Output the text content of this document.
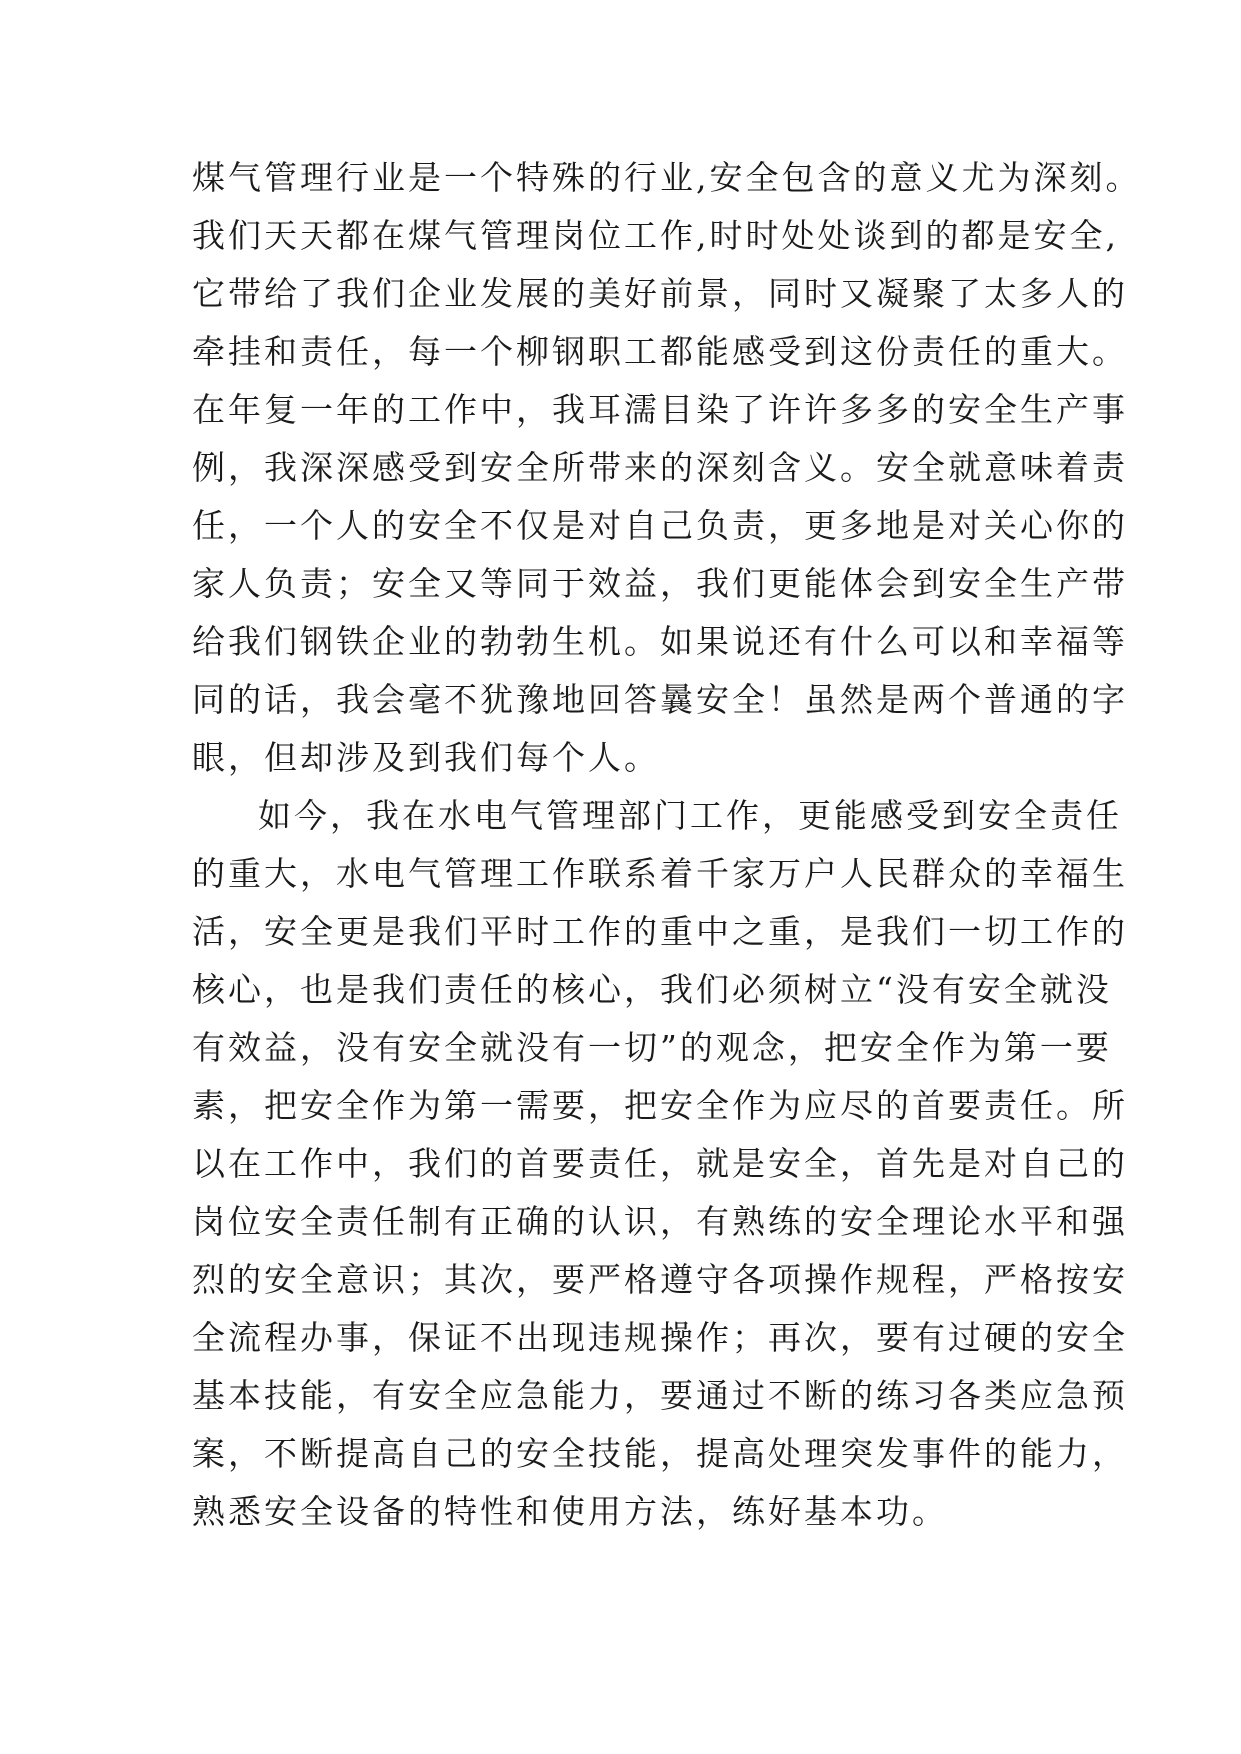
煤气管理行业是一个特殊的行业,安全包含的意义尤为深刻。
我们天天都在煤气管理岗位工作,时时处处谈到的都是安全,
它带给了我们企业发展的美好前景，同时又凝聚了太多人的
牵挂和责任，每一个柳钢职工都能感受到这份责任的重大。
在年复一年的工作中，我耳濡目染了许许多多的安全生产事
例，我深深感受到安全所带来的深刻含义。安全就意味着责
任，一个人的安全不仅是对自己负责，更多地是对关心你的
家人负责；安全又等同于效益，我们更能体会到安全生产带
给我们钢铁企业的勃勃生机。如果说还有什么可以和幸福等
同的话，我会毫不犹豫地回答曩安全！虽然是两个普通的字
眼，但却涉及到我们每个人。
如今，我在水电气管理部门工作，更能感受到安全责任
的重大，水电气管理工作联系着千家万户人民群众的幸福生
活，安全更是我们平时工作的重中之重，是我们一切工作的
核心，也是我们责任的核心，我们必须树立“没有安全就没
有效益，没有安全就没有一切”的观念，把安全作为第一要
素，把安全作为第一需要，把安全作为应尽的首要责任。所
以在工作中，我们的首要责任，就是安全，首先是对自己的
岗位安全责任制有正确的认识，有熟练的安全理论水平和强
烈的安全意识；其次，要严格遵守各项操作规程，严格按安
全流程办事，保证不出现违规操作；再次，要有过硬的安全
基本技能，有安全应急能力，要通过不断的练习各类应急预
案，不断提高自己的安全技能，提高处理突发事件的能力，
熟悉安全设备的特性和使用方法，练好基本功。
